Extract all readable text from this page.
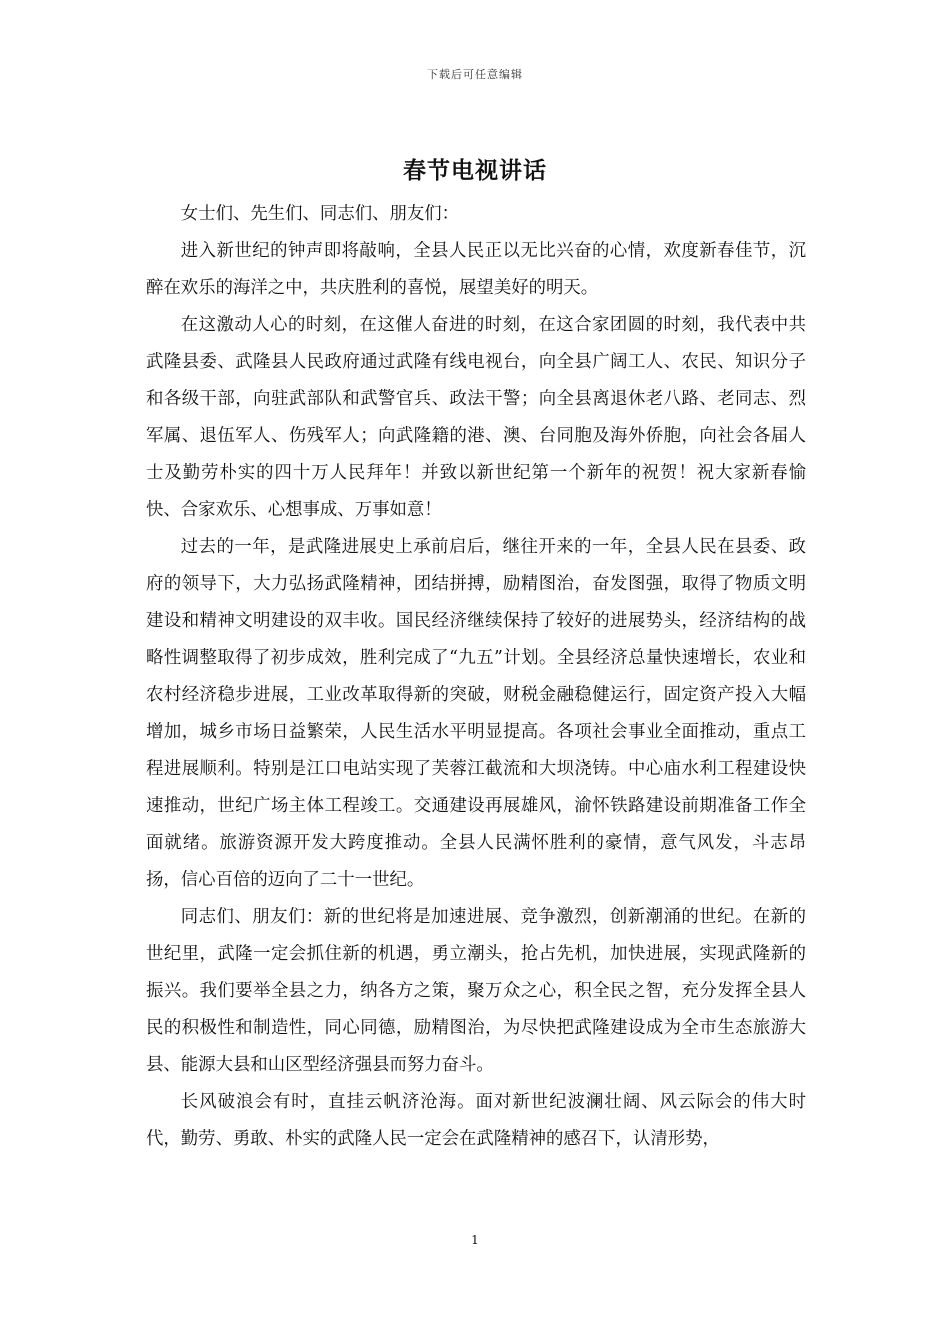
下载后可任意编辑
春节电视讲话

女士们、先生们、同志们、朋友们：

进入新世纪的钟声即将敲响，全县人民正以无比兴奋的心情，欢度新春佳节，沉醉在欢乐的海洋之中，共庆胜利的喜悦，展望美好的明天。

在这激动人心的时刻，在这催人奋进的时刻，在这合家团圆的时刻，我代表中共武隆县委、武隆县人民政府通过武隆有线电视台，向全县广阔工人、农民、知识分子和各级干部，向驻武部队和武警官兵、政法干警；向全县离退休老八路、老同志、烈军属、退伍军人、伤残军人；向武隆籍的港、澳、台同胞及海外侨胞，向社会各届人士及勤劳朴实的四十万人民拜年！并致以新世纪第一个新年的祝贺！祝大家新春愉快、合家欢乐、心想事成、万事如意！

过去的一年，是武隆进展史上承前启后，继往开来的一年，全县人民在县委、政府的领导下，大力弘扬武隆精神，团结拼搏，励精图治，奋发图强，取得了物质文明建设和精神文明建设的双丰收。国民经济继续保持了较好的进展势头，经济结构的战略性调整取得了初步成效，胜利完成了“九五”计划。全县经济总量快速增长，农业和农村经济稳步进展，工业改革取得新的突破，财税金融稳健运行，固定资产投入大幅增加，城乡市场日益繁荣，人民生活水平明显提高。各项社会事业全面推动，重点工程进展顺利。特别是江口电站实现了芙蓉江截流和大坝浇铸。中心庙水利工程建设快速推动，世纪广场主体工程竣工。交通建设再展雄风，渝怀铁路建设前期准备工作全面就绪。旅游资源开发大跨度推动。全县人民满怀胜利的豪情，意气风发，斗志昂扬，信心百倍的迈向了二十一世纪。

同志们、朋友们：新的世纪将是加速进展、竞争激烈，创新潮涌的世纪。在新的世纪里，武隆一定会抓住新的机遇，勇立潮头，抢占先机，加快进展，实现武隆新的振兴。我们要举全县之力，纳各方之策，聚万众之心，积全民之智，充分发挥全县人民的积极性和制造性，同心同德，励精图治，为尽快把武隆建设成为全市生态旅游大县、能源大县和山区型经济强县而努力奋斗。

长风破浪会有时，直挂云帆济沧海。面对新世纪波澜壮阔、风云际会的伟大时代，勤劳、勇敢、朴实的武隆人民一定会在武隆精神的感召下，认清形势，

1
